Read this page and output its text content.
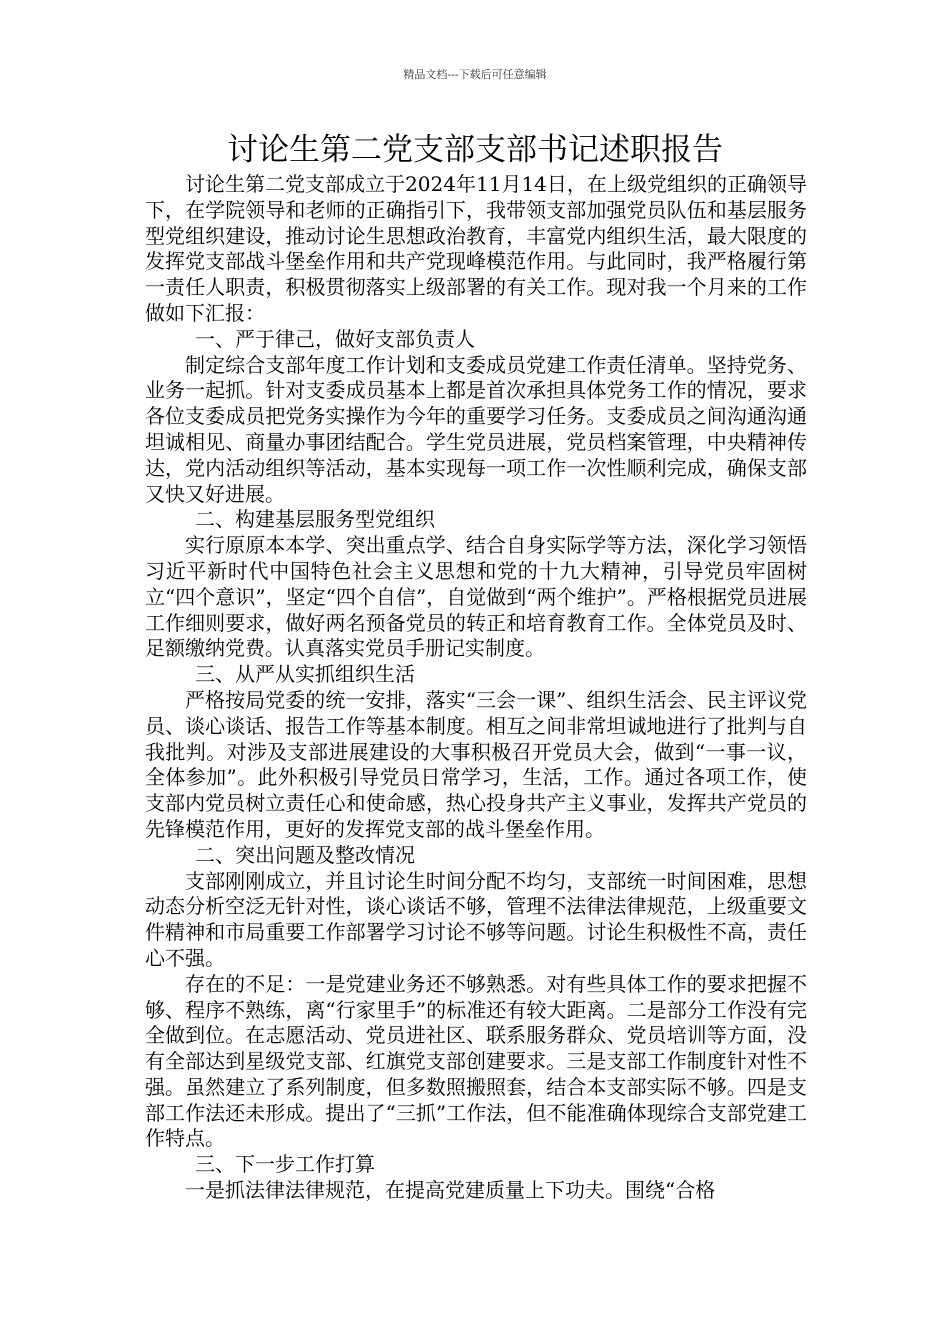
精品文档---下载后可任意编辑
讨论生第二党支部支部书记述职报告

讨论生第二党支部成立于2024年11月14日，在上级党组织的正确领导下，在学院领导和老师的正确指引下，我带领支部加强党员队伍和基层服务型党组织建设，推动讨论生思想政治教育，丰富党内组织生活，最大限度的发挥党支部战斗堡垒作用和共产党现峰模范作用。与此同时，我严格履行第一责任人职责，积极贯彻落实上级部署的有关工作。现对我一个月来的工作做如下汇报：

一、严于律己，做好支部负责人

制定综合支部年度工作计划和支委成员党建工作责任清单。坚持党务、业务一起抓。针对支委成员基本上都是首次承担具体党务工作的情况，要求各位支委成员把党务实操作为今年的重要学习任务。支委成员之间沟通沟通坦诚相见、商量办事团结配合。学生党员进展，党员档案管理，中央精神传达，党内活动组织等活动，基本实现每一项工作一次性顺利完成，确保支部又快又好进展。

二、构建基层服务型党组织

实行原原本本学、突出重点学、结合自身实际学等方法，深化学习领悟习近平新时代中国特色社会主义思想和党的十九大精神，引导党员牢固树立“四个意识”，坚定“四个自信”，自觉做到“两个维护”。严格根据党员进展工作细则要求，做好两名预备党员的转正和培育教育工作。全体党员及时、足额缴纳党费。认真落实党员手册记实制度。

三、从严从实抓组织生活

严格按局党委的统一安排，落实“三会一课”、组织生活会、民主评议党员、谈心谈话、报告工作等基本制度。相互之间非常坦诚地进行了批判与自我批判。对涉及支部进展建设的大事积极召开党员大会，做到“一事一议，全体参加”。此外积极引导党员日常学习，生活，工作。通过各项工作，使支部内党员树立责任心和使命感，热心投身共产主义事业，发挥共产党员的先锋模范作用，更好的发挥党支部的战斗堡垒作用。

二、突出问题及整改情况

支部刚刚成立，并且讨论生时间分配不均匀，支部统一时间困难，思想动态分析空泛无针对性，谈心谈话不够，管理不法律法律规范，上级重要文件精神和市局重要工作部署学习讨论不够等问题。讨论生积极性不高，责任心不强。

存在的不足：一是党建业务还不够熟悉。对有些具体工作的要求把握不够、程序不熟练，离“行家里手”的标准还有较大距离。二是部分工作没有完全做到位。在志愿活动、党员进社区、联系服务群众、党员培训等方面，没有全部达到星级党支部、红旗党支部创建要求。三是支部工作制度针对性不强。虽然建立了系列制度，但多数照搬照套，结合本支部实际不够。四是支部工作法还未形成。提出了“三抓”工作法，但不能准确体现综合支部党建工作特点。

三、下一步工作打算

一是抓法律法律规范，在提高党建质量上下功夫。围绕“合格
